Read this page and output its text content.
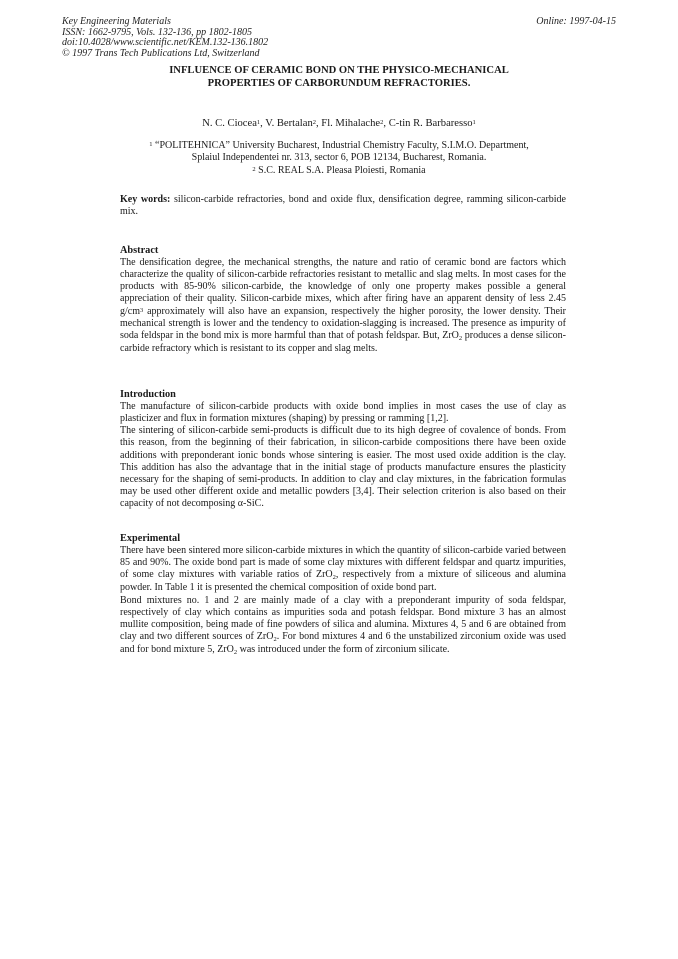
Key Engineering Materials
ISSN: 1662-9795, Vols. 132-136, pp 1802-1805
doi:10.4028/www.scientific.net/KEM.132-136.1802
© 1997 Trans Tech Publications Ltd, Switzerland
Online: 1997-04-15
INFLUENCE OF CERAMIC BOND ON THE PHYSICO-MECHANICAL
PROPERTIES OF CARBORUNDUM REFRACTORIES.
N. C. Ciocea$^1$, V. Bertalan$^2$, Fl. Mihalache$^2$, C-tin R. Barbaresso$^1$
$^1$ “POLITEHNICA” University Bucharest, Industrial Chemistry Faculty, S.I.M.O. Department,
Splaiul Independentei nr. 313, sector 6, POB 12134, Bucharest, Romania.
$^2$ S.C. REAL S.A. Pleasa Ploiesti, Romania
Key words: silicon-carbide refractories, bond and oxide flux, densification degree, ramming silicon-carbide mix.
Abstract

The densification degree, the mechanical strengths, the nature and ratio of ceramic bond are factors which characterize the quality of silicon-carbide refractories resistant to metallic and slag melts. In most cases for the products with 85-90% silicon-carbide, the knowledge of only one property makes possible a general appreciation of their quality. Silicon-carbide mixes, which after firing have an apparent density of less 2.45 $g/cm^3$ approximately will also have an expansion, respectively the higher porosity, the lower density. Their mechanical strength is lower and the tendency to oxidation-slagging is increased. The presence as impurity of soda feldspar in the bond mix is more harmful than that of potash feldspar. But, ZrO$_2$ produces a dense silicon-carbide refractory which is resistant to its copper and slag melts.

Introduction

The manufacture of silicon-carbide products with oxide bond implies in most cases the use of clay as plasticizer and flux in formation mixtures (shaping) by pressing or ramming [1,2].

The sintering of silicon-carbide semi-products is difficult due to its high degree of covalence of bonds. From this reason, from the beginning of their fabrication, in silicon-carbide compositions there have been oxide additions with preponderant ionic bonds whose sintering is easier. The most used oxide addition is the clay. This addition has also the advantage that in the initial stage of products manufacture ensures the plasticity necessary for the shaping of semi-products. In addition to clay and clay mixtures, in the fabrication formulas may be used other different oxide and metallic powders [3,4]. Their selection criterion is also based on their capacity of not decomposing α-SiC.

Experimental

There have been sintered more silicon-carbide mixtures in which the quantity of silicon-carbide varied between 85 and 90%. The oxide bond part is made of some clay mixtures with different feldspar and quartz impurities, of some clay mixtures with variable ratios of ZrO$_2$, respectively from a mixture of siliceous and alumina powder. In Table 1 it is presented the chemical composition of oxide bond part.

Bond mixtures no. 1 and 2 are mainly made of a clay with a preponderant impurity of soda feldspar, respectively of clay which contains as impurities soda and potash feldspar. Bond mixture 3 has an almost mullite composition, being made of fine powders of silica and alumina. Mixtures 4, 5 and 6 are obtained from clay and two different sources of ZrO$_2$. For bond mixtures 4 and 6 the unstabilized zirconium oxide was used and for bond mixture 5, ZrO$_2$ was introduced under the form of zirconium silicate.
